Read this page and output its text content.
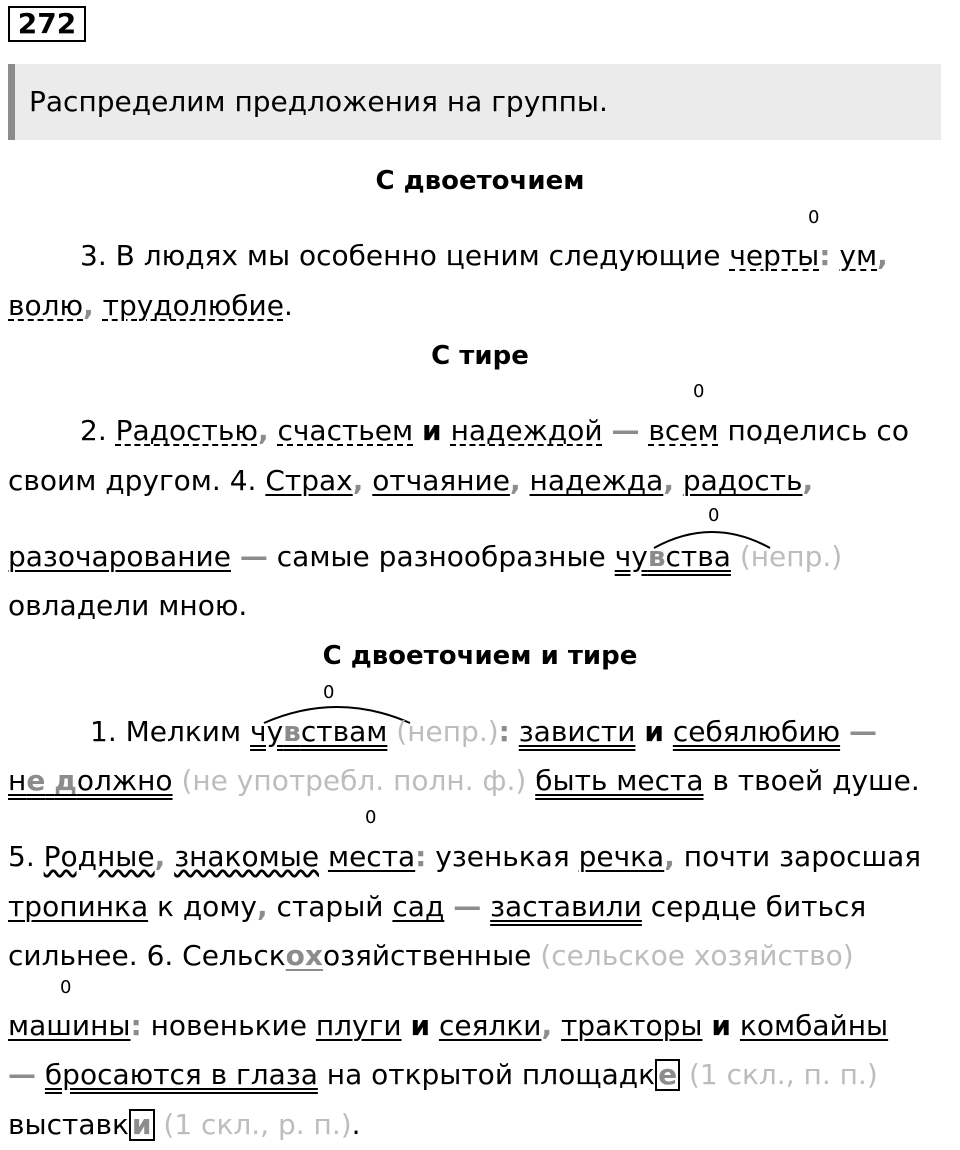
272
Распределим предложения на группы.
С двоеточием
0
3. В людях мы особенно ценим следующие черты: ум,
волю, трудолюбие.
С тире
0
2. Радостью, счастьем и надеждой — всем поделись со
своим другом. 4. Страх, отчаяние, надежда, радость,
0
разочарование — самые разнообразные чувства (непр.)
овладели мною.
С двоеточием и тире
0
1. Мелким чувствам (непр.): зависти и себялюбию —
не должно (не употребл. полн. ф.) быть места в твоей душе.
0
5. Родные, знакомые места: узенькая речка, почти заросшая
тропинка к дому, старый сад — заставили сердце биться
сильнее. 6. Сельскохозяйственные (сельское хозяйство)
0
машины: новенькие плуги и сеялки, тракторы и комбайны
— бросаются в глаза на открытой площадк е (1 скл., п. п.)
выставк и (1 скл., р. п.).
